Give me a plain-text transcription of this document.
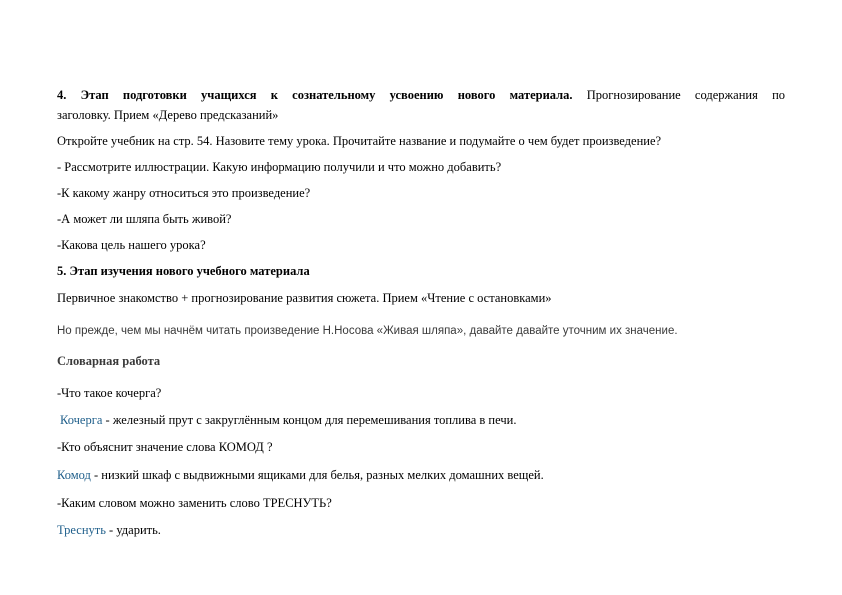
4. Этап подготовки учащихся к сознательному усвоению нового материала. Прогнозирование содержания по
заголовку. Прием «Дерево предсказаний»
Откройте учебник на стр. 54. Назовите тему урока. Прочитайте название и подумайте о чем будет произведение?
- Рассмотрите иллюстрации. Какую информацию получили и что можно добавить?
-К какому жанру относиться это произведение?
-А может ли шляпа быть живой?
-Какова цель нашего урока?
5. Этап изучения нового учебного материала
Первичное знакомство + прогнозирование развития сюжета. Прием «Чтение с остановками»
Но прежде, чем мы начнём читать произведение Н.Носова «Живая шляпа», давайте давайте уточним их значение.
Словарная работа
-Что такое кочерга?
Кочерга - железный прут с закруглённым концом для перемешивания топлива в печи.
-Кто объяснит значение слова КОМОД ?
Комод - низкий шкаф с выдвижными ящиками для белья, разных мелких домашних вещей.
-Каким словом можно заменить слово ТРЕСНУТЬ?
Треснуть - ударить.
